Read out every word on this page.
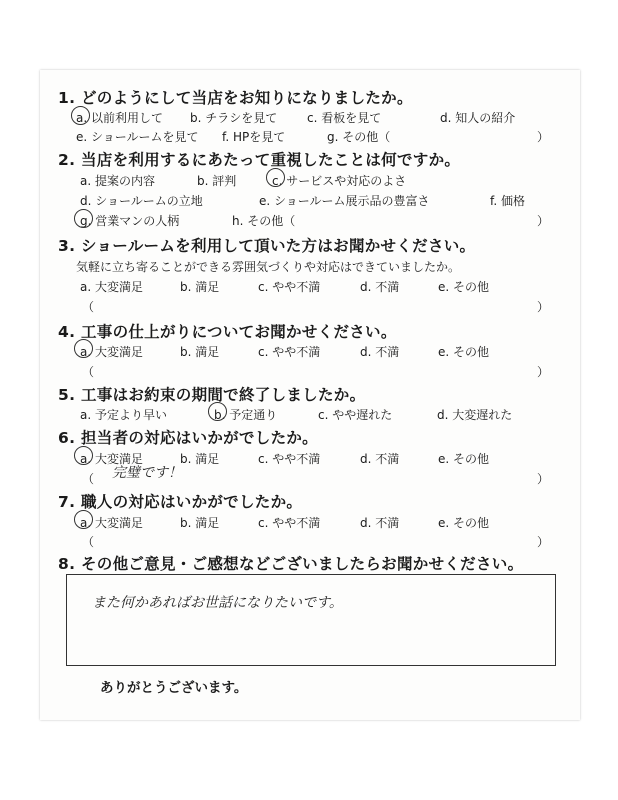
1. どのようにして当店をお知りになりましたか。
a. 以前利用して b. チラシを見て c. 看板を見て	d. 知人の紹介
e. ショールームを見て f. HPを見て	g. その他（	）
2. 当店を利用するにあたって重視したことは何ですか。
a. 提案の内容	b. 評判	c. サービスや対応のよさ
d. ショールームの立地	e. ショールーム展示品の豊富さ	f. 価格
g. 営業マンの人柄	h. その他（	）
3. ショールームを利用して頂いた方はお聞かせください。
気軽に立ち寄ることができる雰囲気づくりや対応はできていましたか。
a. 大変満足	b. 満足	c. やや不満	d. 不満	e. その他
（	）
4. 工事の仕上がりについてお聞かせください。
a. 大変満足	b. 満足	c. やや不満	d. 不満	e. その他
（	）
5. 工事はお約束の期間で終了しましたか。
a. 予定より早い	b. 予定通り	c. やや遅れた	d. 大変遅れた
6. 担当者の対応はいかがでしたか。
a. 大変満足	b. 満足	c. やや不満	d. 不満	e. その他
（ 完璧です！	）
7. 職人の対応はいかがでしたか。
a. 大変満足	b. 満足	c. やや不満	d. 不満	e. その他
（	）
8. その他ご意見・ご感想などございましたらお聞かせください。
また何かあればお世話になりたいです。
ありがとうございます。
